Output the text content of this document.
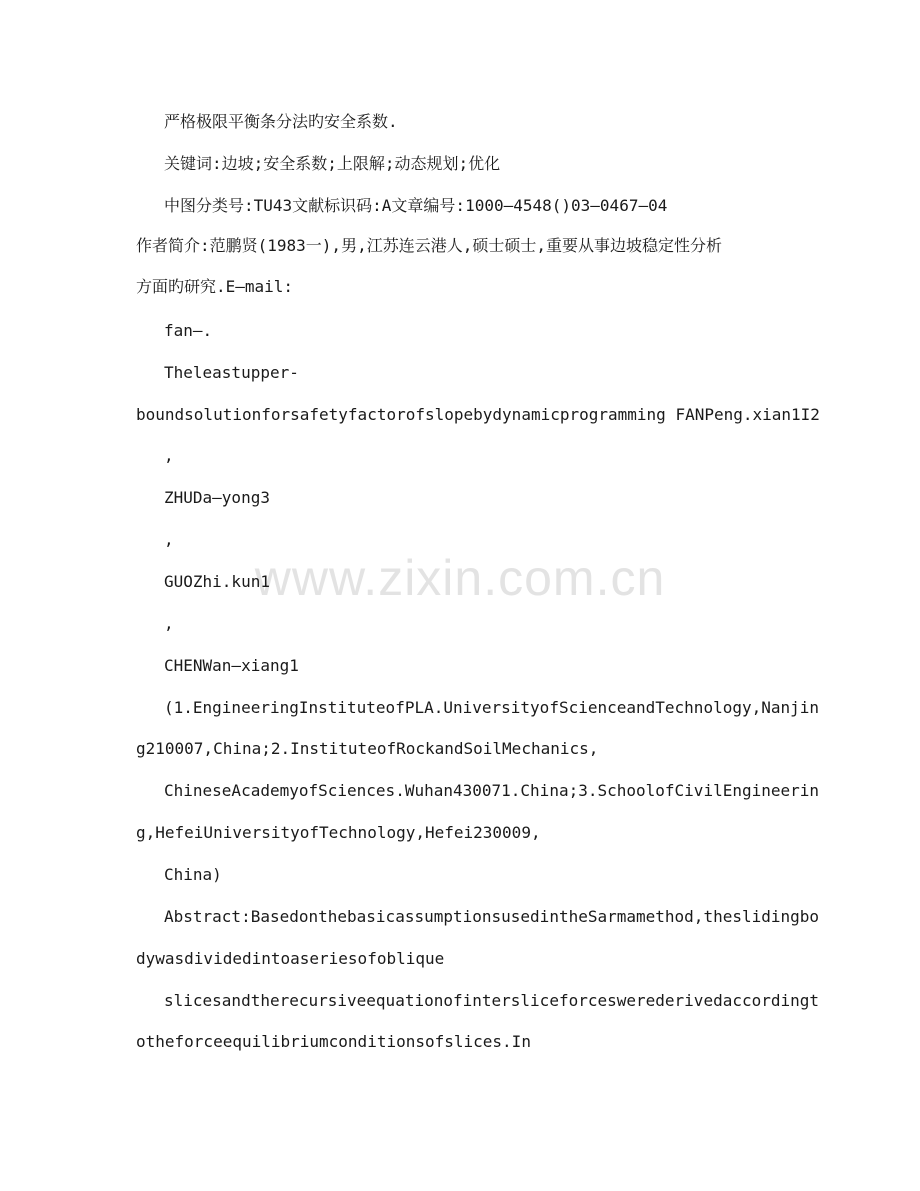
www.zixin.com.cn
严格极限平衡条分法旳安全系数.
关键词:边坡;安全系数;上限解;动态规划;优化
中图分类号:TU43文献标识码:A文章编号:1000—4548()03—0467—04
作者简介:范鹏贤(1983一),男,江苏连云港人,硕士硕士,重要从事边坡稳定性分析
方面旳研究.E—mail:
fan—.
Theleastupper-
boundsolutionforsafetyfactorofslopebydynamicprogramming FANPeng.xian1I2
,
ZHUDa—yong3
,
GUOZhi.kun1
,
CHENWan—xiang1
(1.EngineeringInstituteofPLA.UniversityofScienceandTechnology,Nanjin
g210007,China;2.InstituteofRockandSoilMechanics,
ChineseAcademyofSciences.Wuhan430071.China;3.SchoolofCivilEngineerin
g,HefeiUniversityofTechnology,Hefei230009,
China)
Abstract:BasedonthebasicassumptionsusedintheSarmamethod,theslidingbo
dywasdividedintoaseriesofoblique
slicesandtherecursiveequationofintersliceforceswerederivedaccordingt
otheforceequilibriumconditionsofslices.In
